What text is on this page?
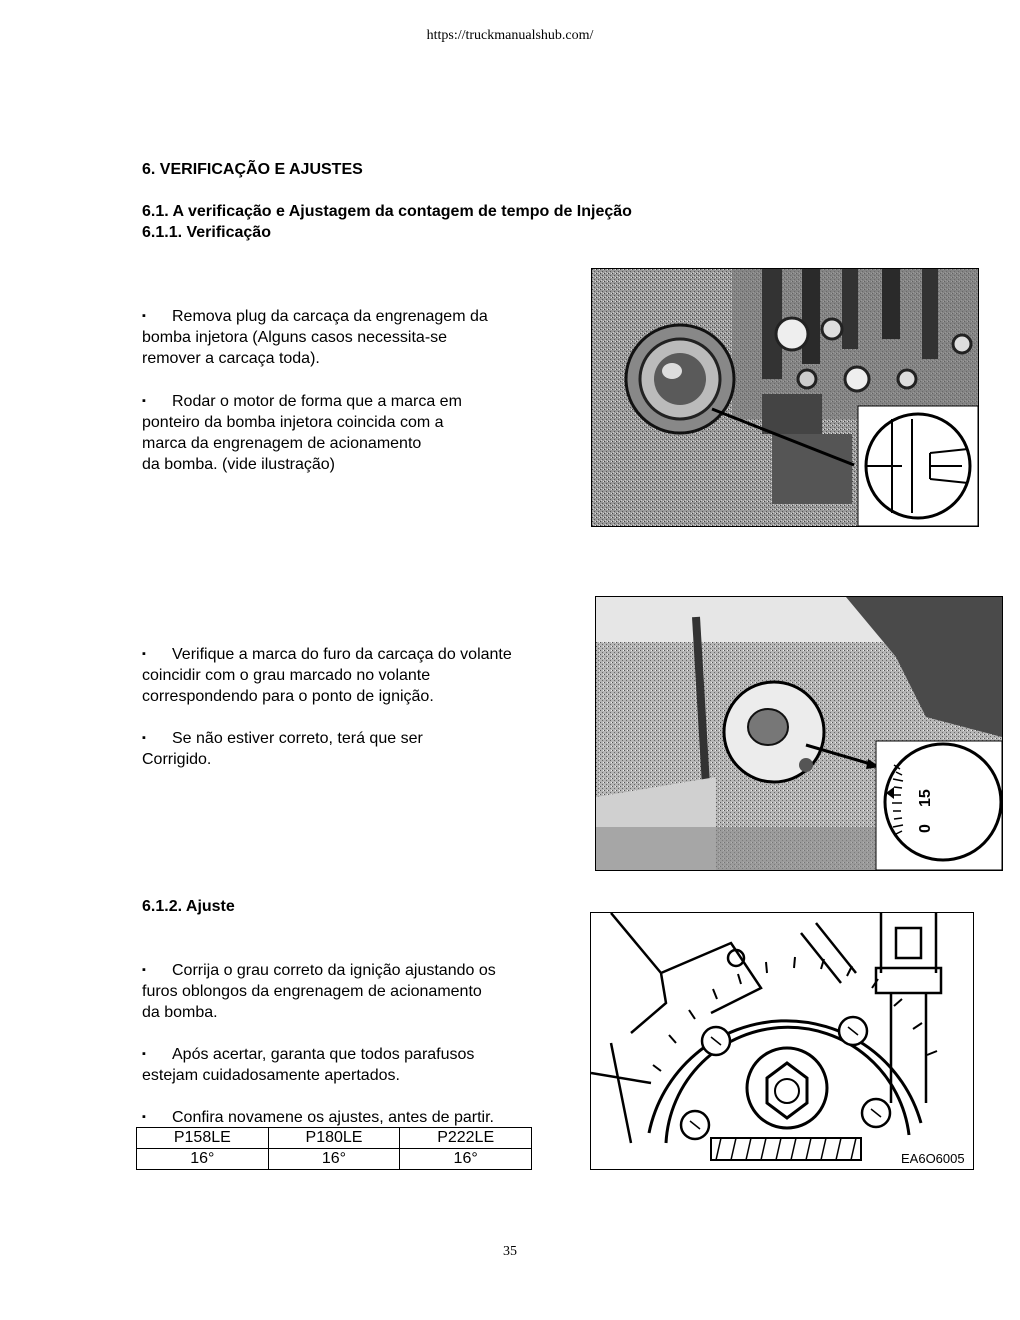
https://truckmanualshub.com/
6. VERIFICAÇÃO E AJUSTES
6.1. A verificação e Ajustagem da contagem de tempo de Injeção
6.1.1. Verificação

▪ Remova plug da carcaça da engrenagem da
bomba injetora (Alguns casos necessita-se
remover a carcaça toda).

▪ Rodar o motor de forma que a marca em
ponteiro da bomba injetora coincida com a
marca da engrenagem de acionamento
da bomba. (vide ilustração)

▪ Verifique a marca do furo da carcaça do volante
coincidir com o grau marcado no volante
correspondendo para o ponto de ignição.

▪ Se não estiver correto, terá que ser
Corrigido.

6.1.2. Ajuste

▪ Corrija o grau correto da ignição ajustando os
furos oblongos da engrenagem de acionamento
da bomba.

▪ Após acertar, garanta que todos parafusos
estejam cuidadosamente apertados.

▪ Confira novamene os ajustes, antes de partir.

P158LE	P180LE	P222LE
16°	16°	16°
15
0
EA6O6005
35
